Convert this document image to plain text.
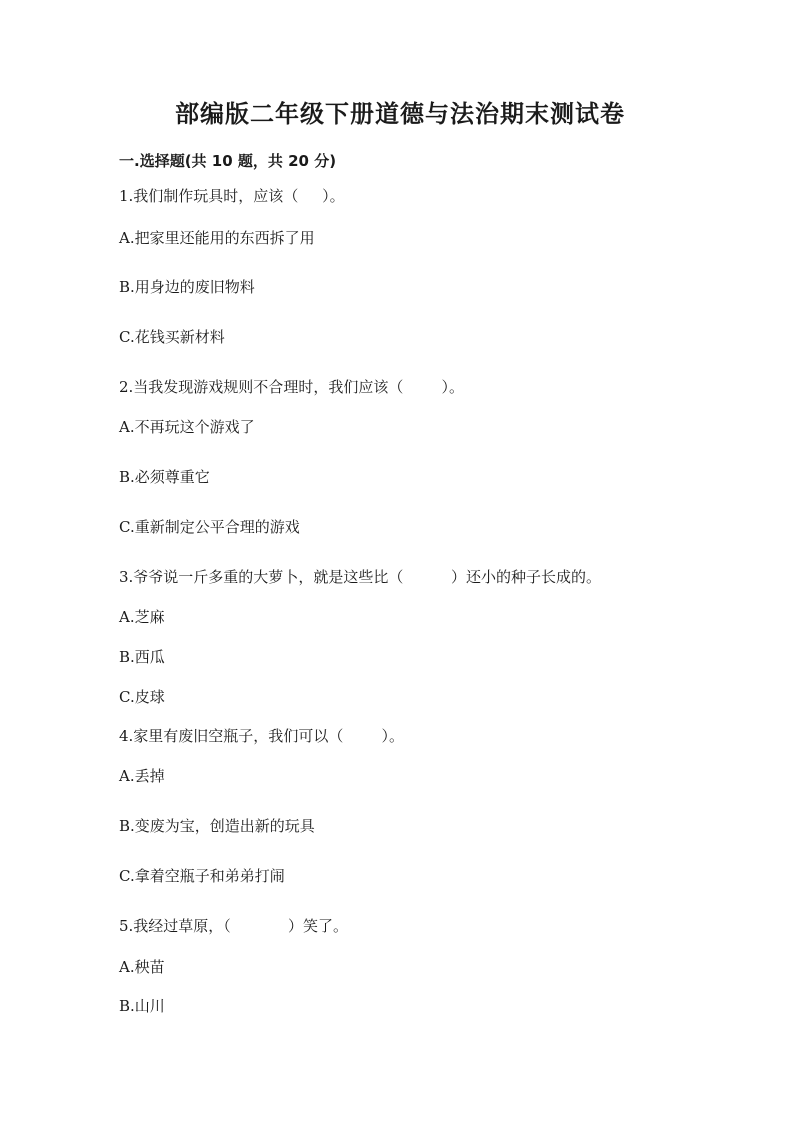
部编版二年级下册道德与法治期末测试卷
一.选择题(共 10 题，共 20 分)
1.我们制作玩具时，应该（     ）。
A.把家里还能用的东西拆了用
B.用身边的废旧物料
C.花钱买新材料
2.当我发现游戏规则不合理时，我们应该（        ）。
A.不再玩这个游戏了
B.必须尊重它
C.重新制定公平合理的游戏
3.爷爷说一斤多重的大萝卜，就是这些比（          ）还小的种子长成的。
A.芝麻
B.西瓜
C.皮球
4.家里有废旧空瓶子，我们可以（        ）。
A.丢掉
B.变废为宝，创造出新的玩具
C.拿着空瓶子和弟弟打闹
5.我经过草原，（            ）笑了。
A.秧苗
B.山川
